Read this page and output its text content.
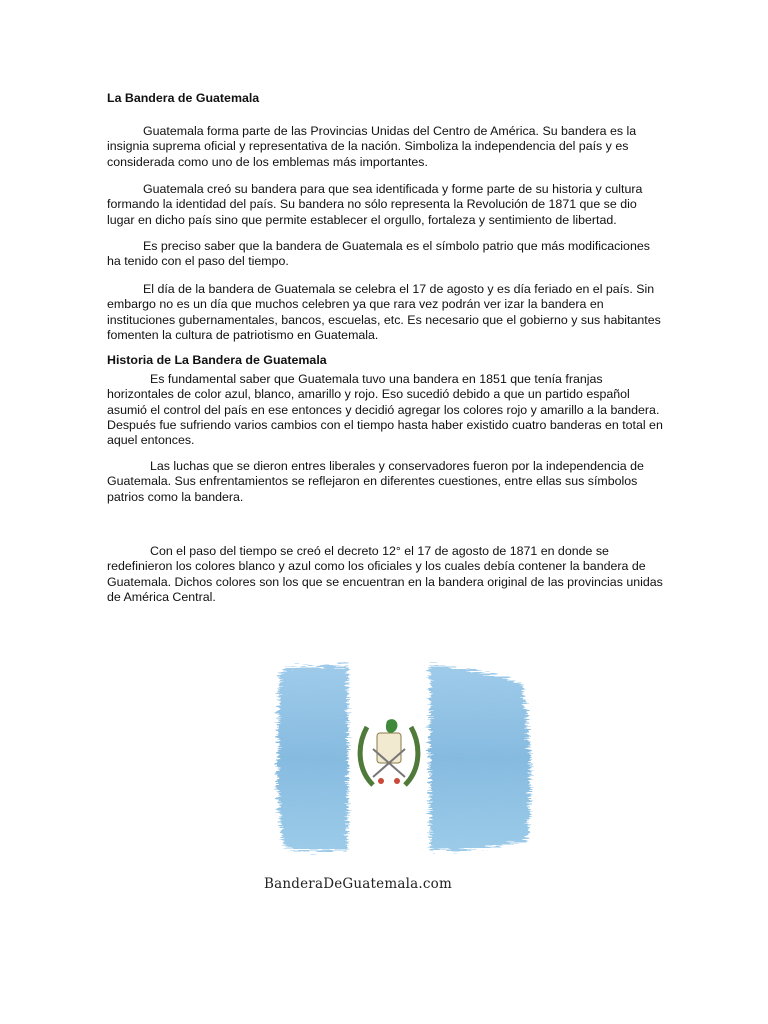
La Bandera de Guatemala
Guatemala forma parte de las Provincias Unidas del Centro de América. Su bandera es la insignia suprema oficial y representativa de la nación. Simboliza la independencia del país y es considerada como uno de los emblemas más importantes.
Guatemala creó su bandera para que sea identificada y forme parte de su historia y cultura formando la identidad del país. Su bandera no sólo representa la Revolución de 1871 que se dio lugar en dicho país sino que permite establecer el orgullo, fortaleza y sentimiento de libertad.
Es preciso saber que la bandera de Guatemala es el símbolo patrio que más modificaciones ha tenido con el paso del tiempo.
El día de la bandera de Guatemala se celebra el 17 de agosto y es día feriado en el país. Sin embargo no es un día que muchos celebren ya que rara vez podrán ver izar la bandera en instituciones gubernamentales, bancos, escuelas, etc. Es necesario que el gobierno y sus habitantes fomenten la cultura de patriotismo en Guatemala.
Historia de La Bandera de Guatemala
Es fundamental saber que Guatemala tuvo una bandera en 1851 que tenía franjas horizontales de color azul, blanco, amarillo y rojo. Eso sucedió debido a que un partido español asumió el control del país en ese entonces y decidió agregar los colores rojo y amarillo a la bandera. Después fue sufriendo varios cambios con el tiempo hasta haber existido cuatro banderas en total en aquel entonces.
Las luchas que se dieron entres liberales y conservadores fueron por la independencia de Guatemala. Sus enfrentamientos se reflejaron en diferentes cuestiones, entre ellas sus símbolos patrios como la bandera.
Con el paso del tiempo se creó el decreto 12° el 17 de agosto de 1871 en donde se redefinieron los colores blanco y azul como los oficiales y los cuales debía contener la bandera de Guatemala. Dichos colores son los que se encuentran en la bandera original de las provincias unidas de América Central.
BanderaDeGuatemala.com
